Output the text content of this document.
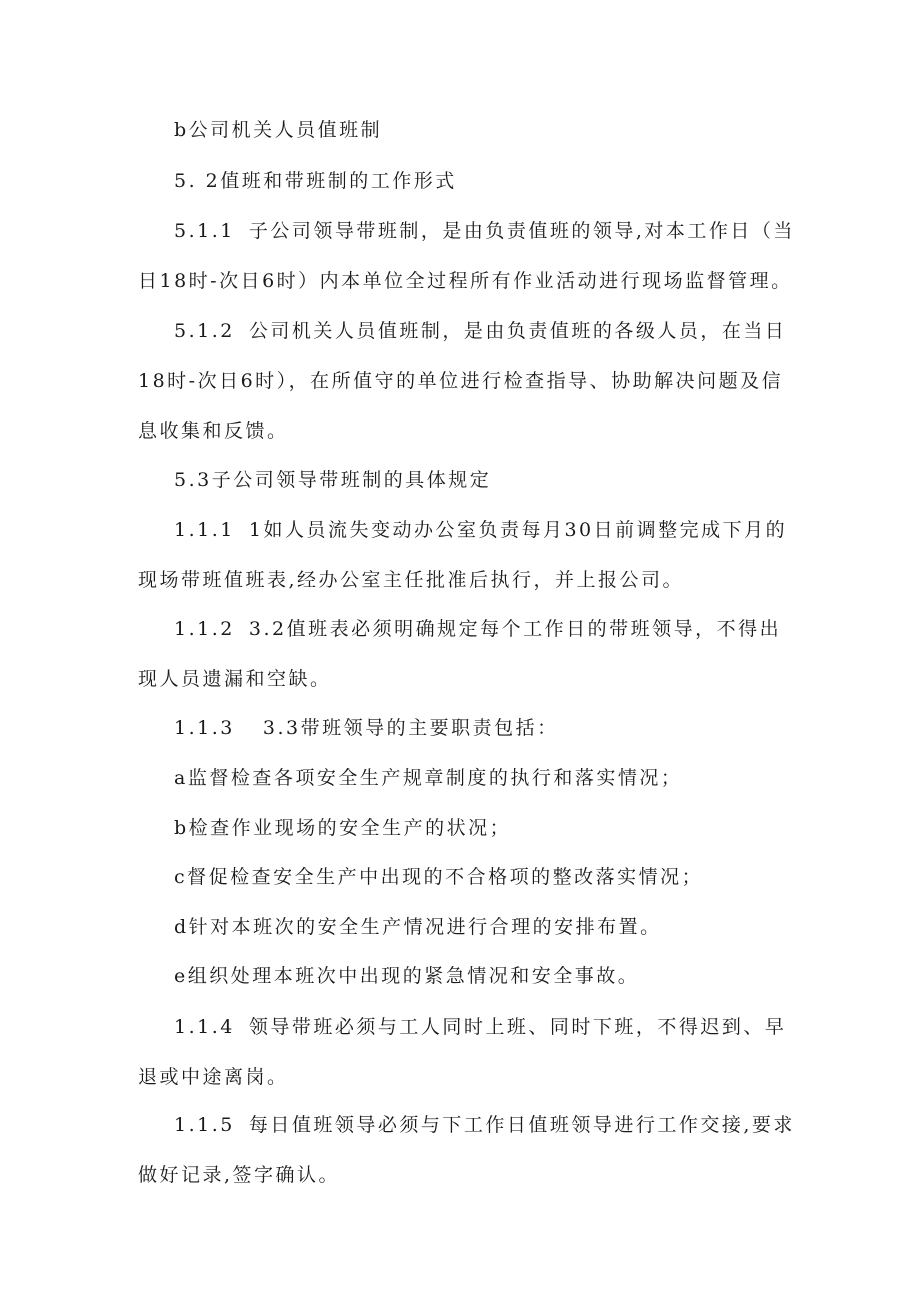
b公司机关人员值班制

5. 2值班和带班制的工作形式

5.1.1 子公司领导带班制，是由负责值班的领导,对本工作日（当日18时-次日6时）内本单位全过程所有作业活动进行现场监督管理。

5.1.2 公司机关人员值班制，是由负责值班的各级人员，在当日18时-次日6时），在所值守的单位进行检查指导、协助解决问题及信息收集和反馈。

5.3子公司领导带班制的具体规定

1.1.1 1如人员流失变动办公室负责每月30日前调整完成下月的现场带班值班表,经办公室主任批准后执行，并上报公司。

1.1.2 3.2值班表必须明确规定每个工作日的带班领导，不得出现人员遗漏和空缺。

1.1.3 3.3带班领导的主要职责包括：

a监督检查各项安全生产规章制度的执行和落实情况；

b检查作业现场的安全生产的状况；

c督促检查安全生产中出现的不合格项的整改落实情况；

d针对本班次的安全生产情况进行合理的安排布置。

e组织处理本班次中出现的紧急情况和安全事故。

1.1.4 领导带班必须与工人同时上班、同时下班，不得迟到、早退或中途离岗。

1.1.5 每日值班领导必须与下工作日值班领导进行工作交接,要求做好记录,签字确认。
